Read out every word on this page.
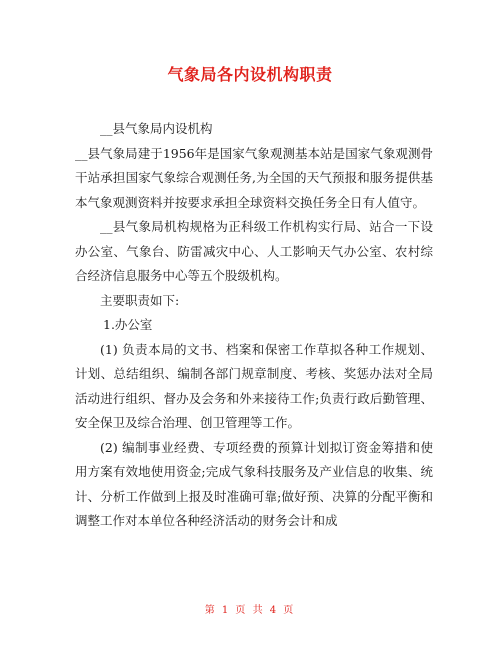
气象局各内设机构职责

__县气象局内设机构

__县气象局建于1956年是国家气象观测基本站是国家气象观测骨干站承担国家气象综合观测任务,为全国的天气预报和服务提供基本气象观测资料并按要求承担全球资料交换任务全日有人值守。

__县气象局机构规格为正科级工作机构实行局、站合一下设办公室、气象台、防雷减灾中心、人工影响天气办公室、农村综合经济信息服务中心等五个股级机构。

主要职责如下:

1.办公室

(1) 负责本局的文书、档案和保密工作草拟各种工作规划、计划、总结组织、编制各部门规章制度、考核、奖惩办法对全局活动进行组织、督办及会务和外来接待工作;负责行政后勤管理、安全保卫及综合治理、创卫管理等工作。

(2) 编制事业经费、专项经费的预算计划拟订资金筹措和使用方案有效地使用资金;完成气象科技服务及产业信息的收集、统计、分析工作做到上报及时准确可靠;做好预、决算的分配平衡和调整工作对本单位各种经济活动的财务会计和成

第 1 页 共 4 页
